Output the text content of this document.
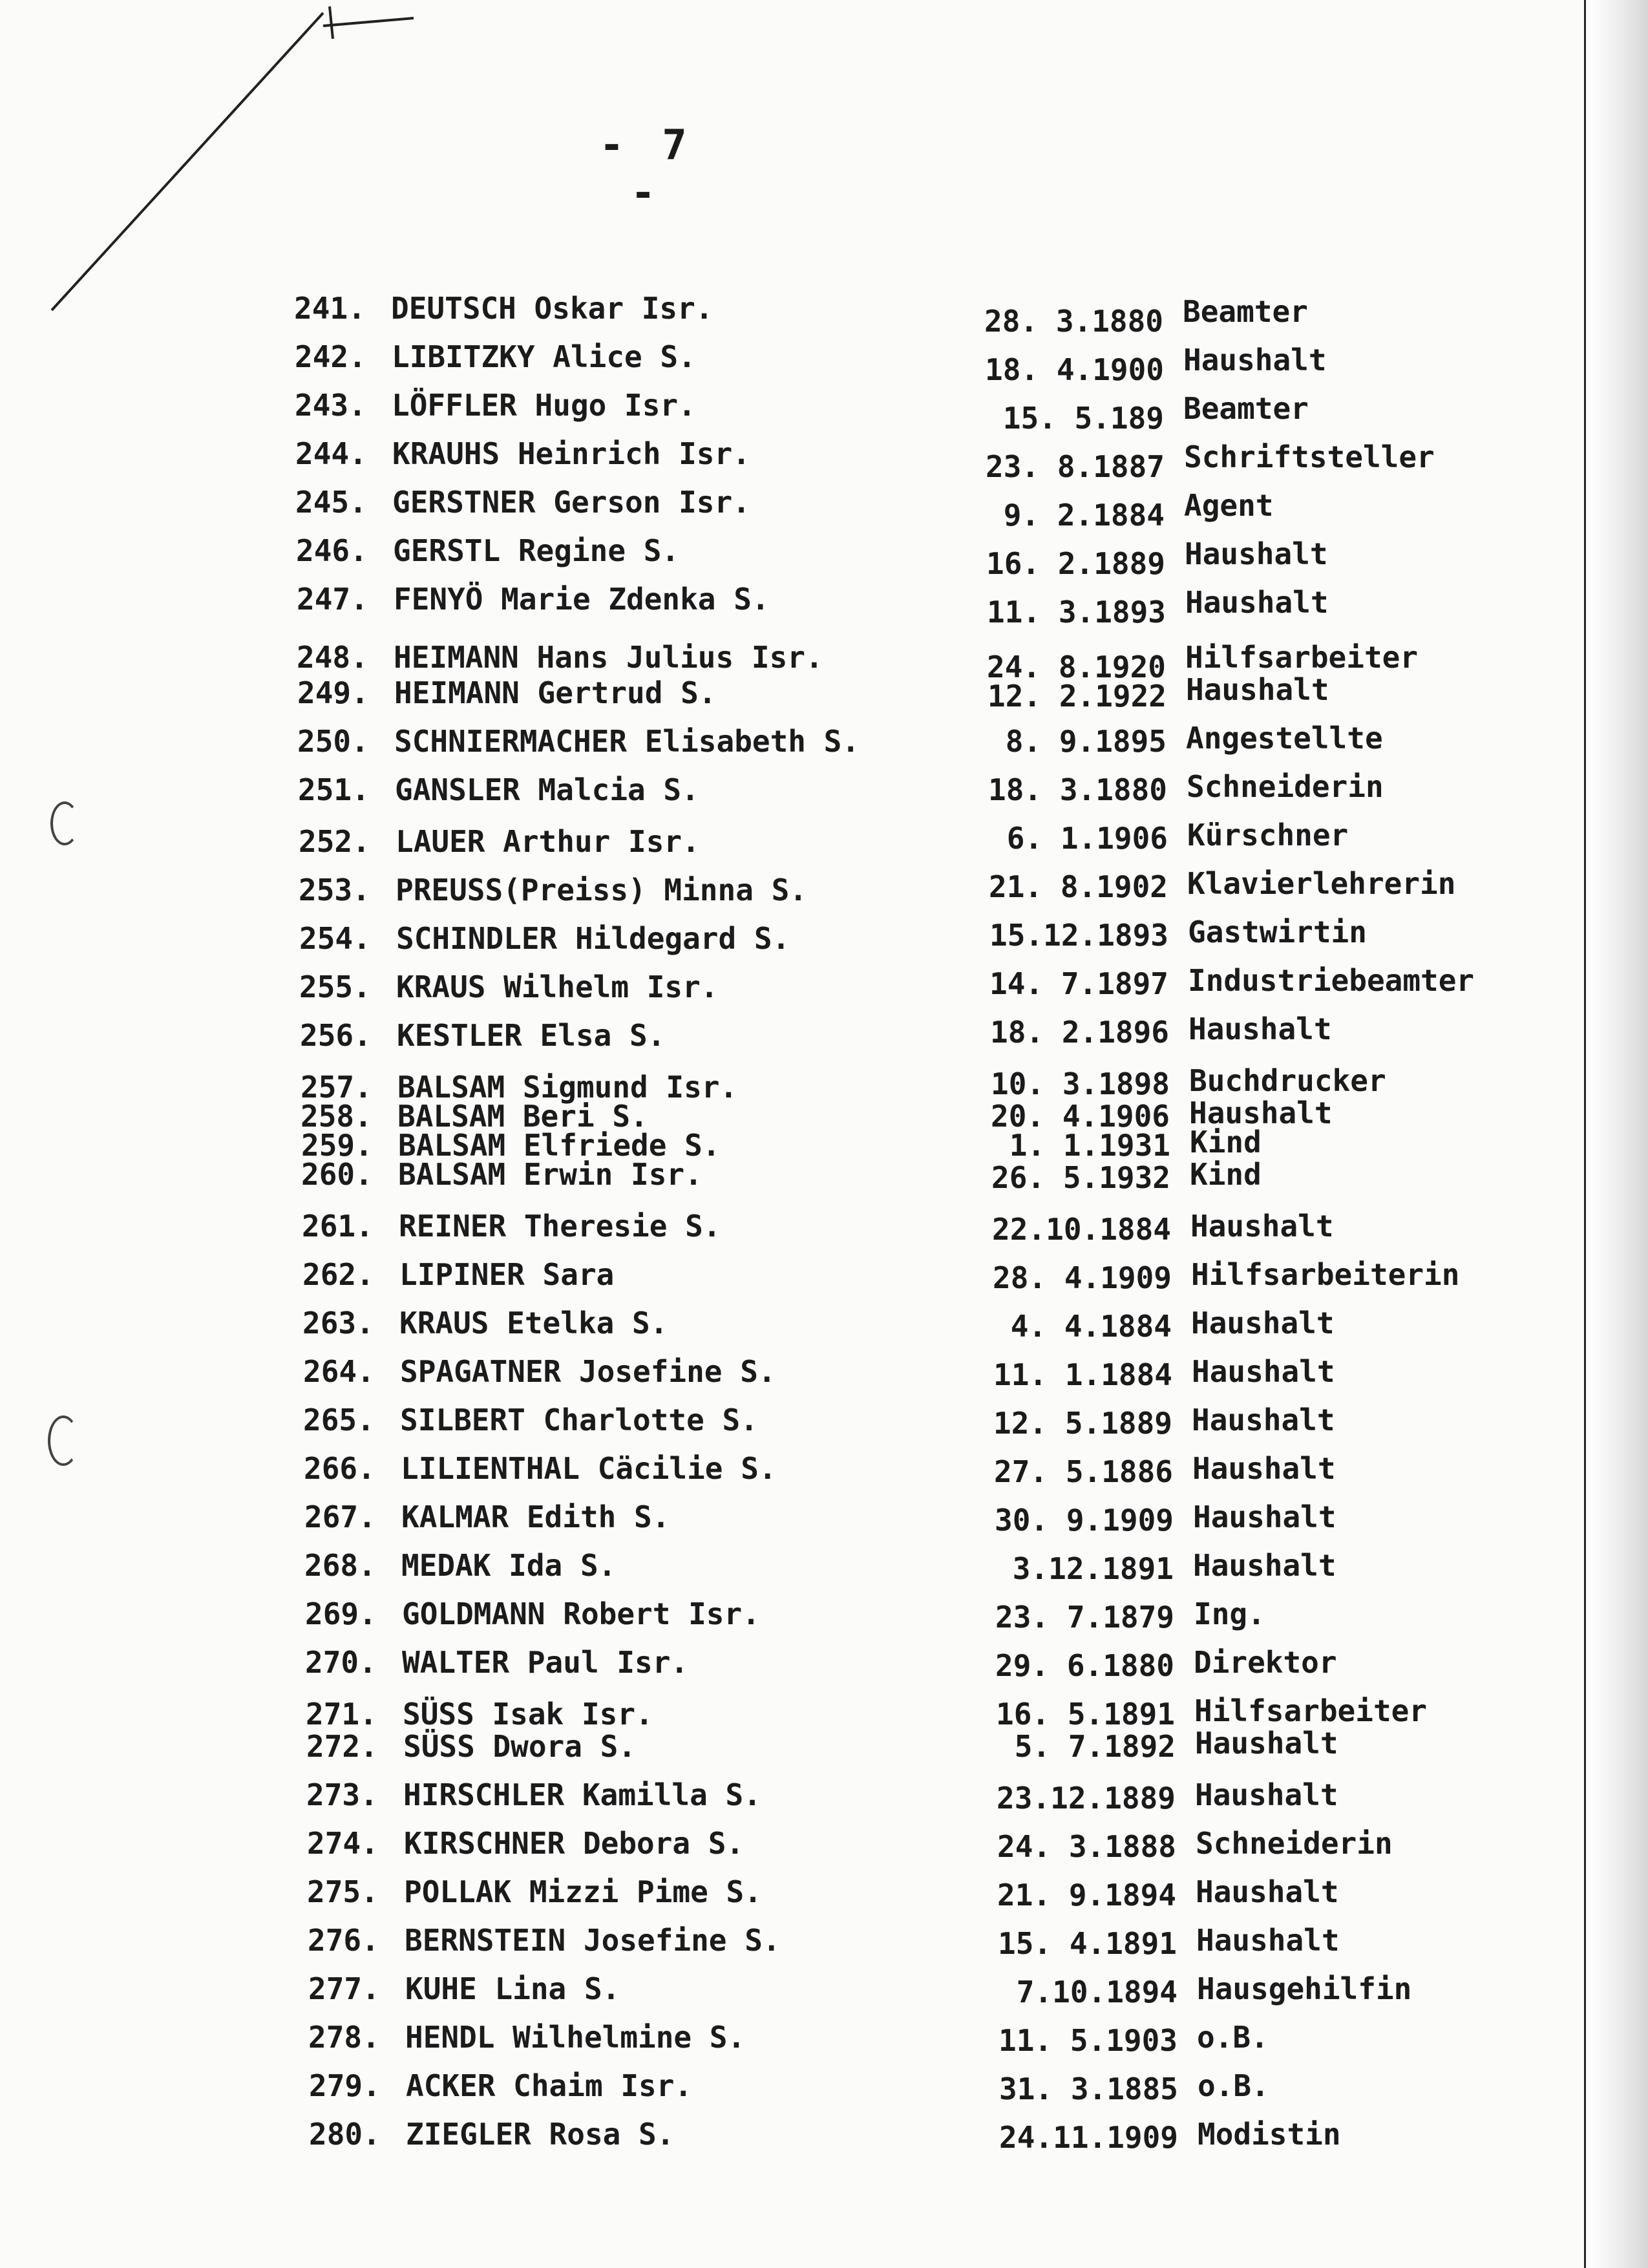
- 7 -
241. DEUTSCH Oskar Isr.	28. 3.1880 Beamter
242. LIBITZKY Alice S.	18. 4.1900 Haushalt
243. LÖFFLER Hugo Isr.	15. 5.189 Beamter
244. KRAUHS Heinrich Isr.	23. 8.1887 Schriftsteller
245. GERSTNER Gerson Isr.	9. 2.1884 Agent
246. GERSTL Regine S.	16. 2.1889 Haushalt
247. FENYÖ Marie Zdenka S.	11. 3.1893 Haushalt
248. HEIMANN Hans Julius Isr.	24. 8.1920 Hilfsarbeiter
249. HEIMANN Gertrud S.	12. 2.1922 Haushalt
250. SCHNIERMACHER Elisabeth S.	8. 9.1895 Angestellte
251. GANSLER Malcia S.	18. 3.1880 Schneiderin
252. LAUER Arthur Isr.	6. 1.1906 Kürschner
253. PREUSS(Preiss) Minna S.	21. 8.1902 Klavierlehrerin
254. SCHINDLER Hildegard S.	15.12.1893 Gastwirtin
255. KRAUS Wilhelm Isr.	14. 7.1897 Industriebeamter
256. KESTLER Elsa S.	18. 2.1896 Haushalt
257. BALSAM Sigmund Isr.	10. 3.1898 Buchdrucker
258. BALSAM Beri S.	20. 4.1906 Haushalt
259. BALSAM Elfriede S.	1. 1.1931 Kind
260. BALSAM Erwin Isr.	26. 5.1932 Kind
261. REINER Theresie S.	22.10.1884 Haushalt
262. LIPINER Sara	28. 4.1909 Hilfsarbeiterin
263. KRAUS Etelka S.	4. 4.1884 Haushalt
264. SPAGATNER Josefine S.	11. 1.1884 Haushalt
265. SILBERT Charlotte S.	12. 5.1889 Haushalt
266. LILIENTHAL Cäcilie S.	27. 5.1886 Haushalt
267. KALMAR Edith S.	30. 9.1909 Haushalt
268. MEDAK Ida S.	3.12.1891 Haushalt
269. GOLDMANN Robert Isr.	23. 7.1879 Ing.
270. WALTER Paul Isr.	29. 6.1880 Direktor
271. SÜSS Isak Isr.	16. 5.1891 Hilfsarbeiter
272. SÜSS Dwora S.	5. 7.1892 Haushalt
273. HIRSCHLER Kamilla S.	23.12.1889 Haushalt
274. KIRSCHNER Debora S.	24. 3.1888 Schneiderin
275. POLLAK Mizzi Pime S.	21. 9.1894 Haushalt
276. BERNSTEIN Josefine S.	15. 4.1891 Haushalt
277. KUHE Lina S.	7.10.1894 Hausgehilfin
278. HENDL Wilhelmine S.	11. 5.1903 o.B.
279. ACKER Chaim Isr.	31. 3.1885 o.B.
280. ZIEGLER Rosa S.	24.11.1909 Modistin
